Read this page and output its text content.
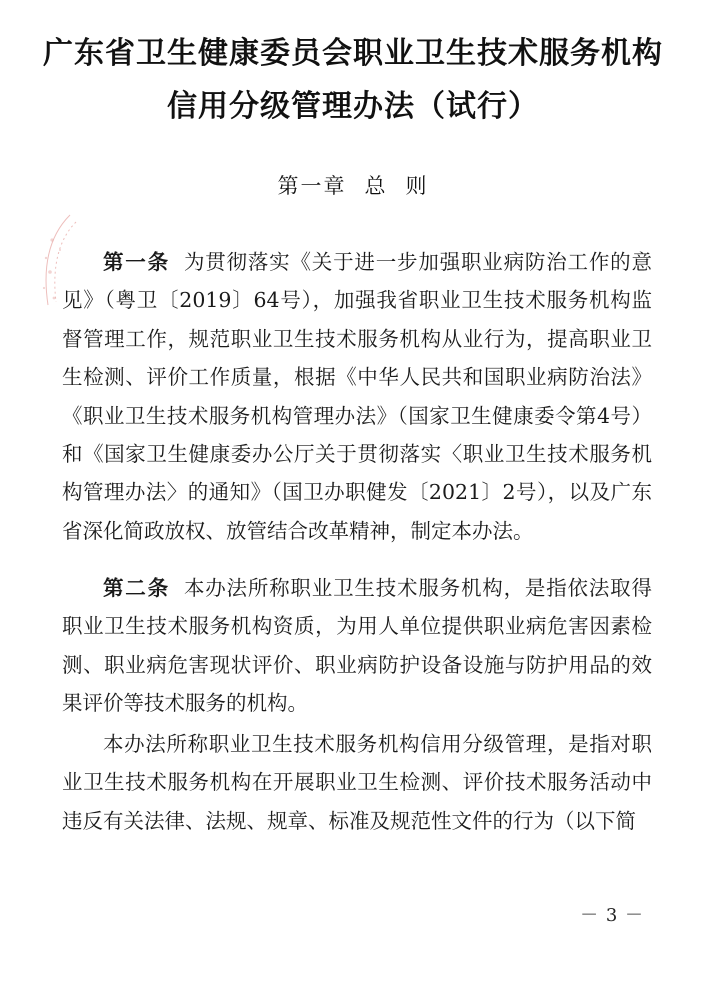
广东省卫生健康委员会职业卫生技术服务机构
信用分级管理办法（试行）
第一章 总 则

第一条 为贯彻落实《关于进一步加强职业病防治工作的意见》（粤卫〔2019〕64号），加强我省职业卫生技术服务机构监督管理工作，规范职业卫生技术服务机构从业行为，提高职业卫生检测、评价工作质量，根据《中华人民共和国职业病防治法》《职业卫生技术服务机构管理办法》（国家卫生健康委令第4号）和《国家卫生健康委办公厅关于贯彻落实〈职业卫生技术服务机构管理办法〉的通知》（国卫办职健发〔2021〕2号），以及广东省深化简政放权、放管结合改革精神，制定本办法。

第二条 本办法所称职业卫生技术服务机构，是指依法取得职业卫生技术服务机构资质，为用人单位提供职业病危害因素检测、职业病危害现状评价、职业病防护设备设施与防护用品的效果评价等技术服务的机构。

本办法所称职业卫生技术服务机构信用分级管理，是指对职业卫生技术服务机构在开展职业卫生检测、评价技术服务活动中违反有关法律、法规、规章、标准及规范性文件的行为（以下简

－ 3 －
